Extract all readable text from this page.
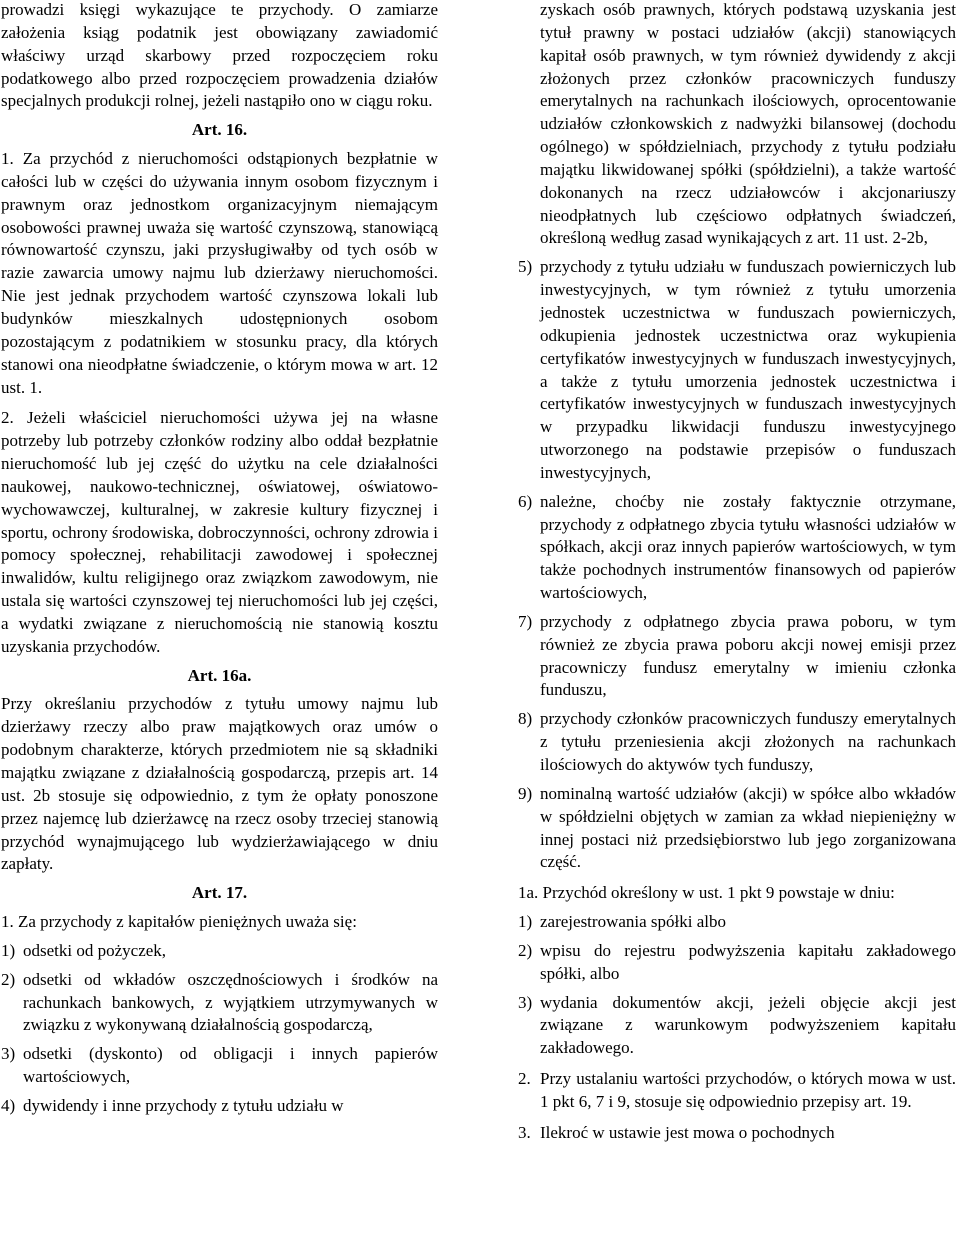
prowadzi księgi wykazujące te przychody. O zamiarze założenia ksiąg podatnik jest obowiązany zawiadomić właściwy urząd skarbowy przed rozpoczęciem roku podatkowego albo przed rozpoczęciem prowadzenia działów specjalnych produkcji rolnej, jeżeli nastąpiło ono w ciągu roku.

Art. 16.

1. Za przychód z nieruchomości odstąpionych bezpłatnie w całości lub w części do używania innym osobom fizycznym i prawnym oraz jednostkom organizacyjnym niemającym osobowości prawnej uważa się wartość czynszową, stanowiącą równowartość czynszu, jaki przysługiwałby od tych osób w razie zawarcia umowy najmu lub dzierżawy nieruchomości. Nie jest jednak przychodem wartość czynszowa lokali lub budynków mieszkalnych udostępnionych osobom pozostającym z podatnikiem w stosunku pracy, dla których stanowi ona nieodpłatne świadczenie, o którym mowa w art. 12 ust. 1.

2. Jeżeli właściciel nieruchomości używa jej na własne potrzeby lub potrzeby członków rodziny albo oddał bezpłatnie nieruchomość lub jej część do użytku na cele działalności naukowej, naukowo-technicznej, oświatowej, oświatowo-wychowawczej, kulturalnej, w zakresie kultury fizycznej i sportu, ochrony środowiska, dobroczynności, ochrony zdrowia i pomocy społecznej, rehabilitacji zawodowej i społecznej inwalidów, kultu religijnego oraz związkom zawodowym, nie ustala się wartości czynszowej tej nieruchomości lub jej części, a wydatki związane z nieruchomością nie stanowią kosztu uzyskania przychodów.

Art. 16a.

Przy określaniu przychodów z tytułu umowy najmu lub dzierżawy rzeczy albo praw majątkowych oraz umów o podobnym charakterze, których przedmiotem nie są składniki majątku związane z działalnością gospodarczą, przepis art. 14 ust. 2b stosuje się odpowiednio, z tym że opłaty ponoszone przez najemcę lub dzierżawcę na rzecz osoby trzeciej stanowią przychód wynajmującego lub wydzierżawiającego w dniu zapłaty.

Art. 17.

1. Za przychody z kapitałów pieniężnych uważa się:

1) odsetki od pożyczek,
2) odsetki od wkładów oszczędnościowych i środków na rachunkach bankowych, z wyjątkiem utrzymywanych w związku z wykonywaną działalnością gospodarczą,
3) odsetki (dyskonto) od obligacji i innych papierów wartościowych,
4) dywidendy i inne przychody z tytułu udziału w

zyskach osób prawnych, których podstawą uzyskania jest tytuł prawny w postaci udziałów (akcji) stanowiących kapitał osób prawnych, w tym również dywidendy z akcji złożonych przez członków pracowniczych funduszy emerytalnych na rachunkach ilościowych, oprocentowanie udziałów członkowskich z nadwyżki bilansowej (dochodu ogólnego) w spółdzielniach, przychody z tytułu podziału majątku likwidowanej spółki (spółdzielni), a także wartość dokonanych na rzecz udziałowców i akcjonariuszy nieodpłatnych lub częściowo odpłatnych świadczeń, określoną według zasad wynikających z art. 11 ust. 2-2b,

5) przychody z tytułu udziału w funduszach powierniczych lub inwestycyjnych, w tym również z tytułu umorzenia jednostek uczestnictwa w funduszach powierniczych, odkupienia jednostek uczestnictwa oraz wykupienia certyfikatów inwestycyjnych w funduszach inwestycyjnych, a także z tytułu umorzenia jednostek uczestnictwa i certyfikatów inwestycyjnych w funduszach inwestycyjnych w przypadku likwidacji funduszu inwestycyjnego utworzonego na podstawie przepisów o funduszach inwestycyjnych,
6) należne, choćby nie zostały faktycznie otrzymane, przychody z odpłatnego zbycia tytułu własności udziałów w spółkach, akcji oraz innych papierów wartościowych, w tym także pochodnych instrumentów finansowych od papierów wartościowych,
7) przychody z odpłatnego zbycia prawa poboru, w tym również ze zbycia prawa poboru akcji nowej emisji przez pracowniczy fundusz emerytalny w imieniu członka funduszu,
8) przychody członków pracowniczych funduszy emerytalnych z tytułu przeniesienia akcji złożonych na rachunkach ilościowych do aktywów tych funduszy,
9) nominalną wartość udziałów (akcji) w spółce albo wkładów w spółdzielni objętych w zamian za wkład niepieniężny w innej postaci niż przedsiębiorstwo lub jego zorganizowana część.

1a. Przychód określony w ust. 1 pkt 9 powstaje w dniu:

1) zarejestrowania spółki albo
2) wpisu do rejestru podwyższenia kapitału zakładowego spółki, albo
3) wydania dokumentów akcji, jeżeli objęcie akcji jest związane z warunkowym podwyższeniem kapitału zakładowego.
2. Przy ustalaniu wartości przychodów, o których mowa w ust. 1 pkt 6, 7 i 9, stosuje się odpowiednio przepisy art. 19.
3. Ilekroć w ustawie jest mowa o pochodnych
